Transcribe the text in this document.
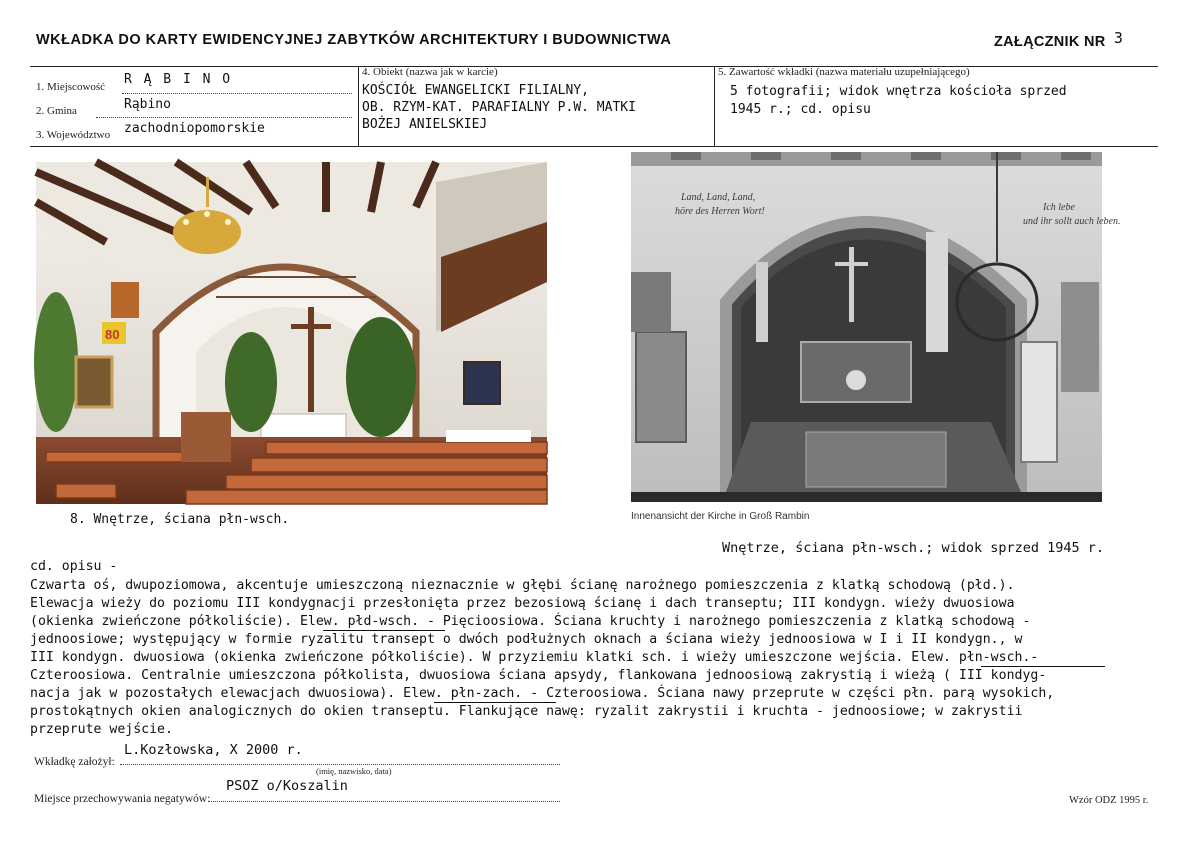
WKŁADKA DO KARTY EWIDENCYJNEJ ZABYTKÓW ARCHITEKTURY I BUDOWNICTWA	ZAŁĄCZNIK NR 3
1. Miejscowość R Ą B I N O
2. Gmina	Rąbino
3. Województwo zachodniopomorskie
4. Obiekt (nazwa jak w karcie)
KOŚCIÓŁ EWANGELICKI FILIALNY,
OB. RZYM-KAT. PARAFIALNY P.W. MATKI
BOŻEJ ANIELSKIEJ
5. Zawartość wkładki (nazwa materiału uzupełniającego)
5 fotografii; widok wnętrza kościoła sprzed
1945 r.; cd. opisu
80
8. Wnętrze, ściana płn-wsch.
Land, Land, Land, höre des Herren Wort!	Ich lebe und ihr sollt auch leben.
Innenansicht der Kirche in Groß Rambin
Wnętrze, ściana płn-wsch.; widok sprzed 1945 r.
cd. opisu -
Czwarta oś, dwupoziomowa, akcentuje umieszczoną nieznacznie w głębi ścianę narożnego pomieszczenia z klatką schodową (płd.).
Elewacja wieży do poziomu III kondygnacji przesłonięta przez bezosiową ścianę i dach transeptu; III kondygn. wieży dwuosiowa
(okienka zwieńczone półkoliście). Elew. płd-wsch. - Pięcioosiowa. Ściana kruchty i narożnego pomieszczenia z klatką schodową -
jednoosiowe; występujący w formie ryzalitu transept o dwóch podłużnych oknach a ściana wieży jednoosiowa w I i II kondygn., w
III kondygn. dwuosiowa (okienka zwieńczone półkoliście). W przyziemiu klatki sch. i wieży umieszczone wejścia. Elew. płn-wsch.-
Czteroosiowa. Centralnie umieszczona półkolista, dwuosiowa ściana apsydy, flankowana jednoosiową zakrystią i wieżą ( III kondyg-
nacja jak w pozostałych elewacjach dwuosiowa). Elew. płn-zach. - Czteroosiowa. Ściana nawy przeprute w części płn. parą wysokich,
prostokątnych okien analogicznych do okien transeptu. Flankujące nawę: ryzalit zakrystii i kruchta - jednoosiowe; w zakrystii
przeprute wejście.
Wkładkę założył:
L.Kozłowska, X 2000 r.
(imię, nazwisko, data)
Miejsce przechowywania negatywów:
PSOZ o/Koszalin
Wzór ODZ 1995 r.
